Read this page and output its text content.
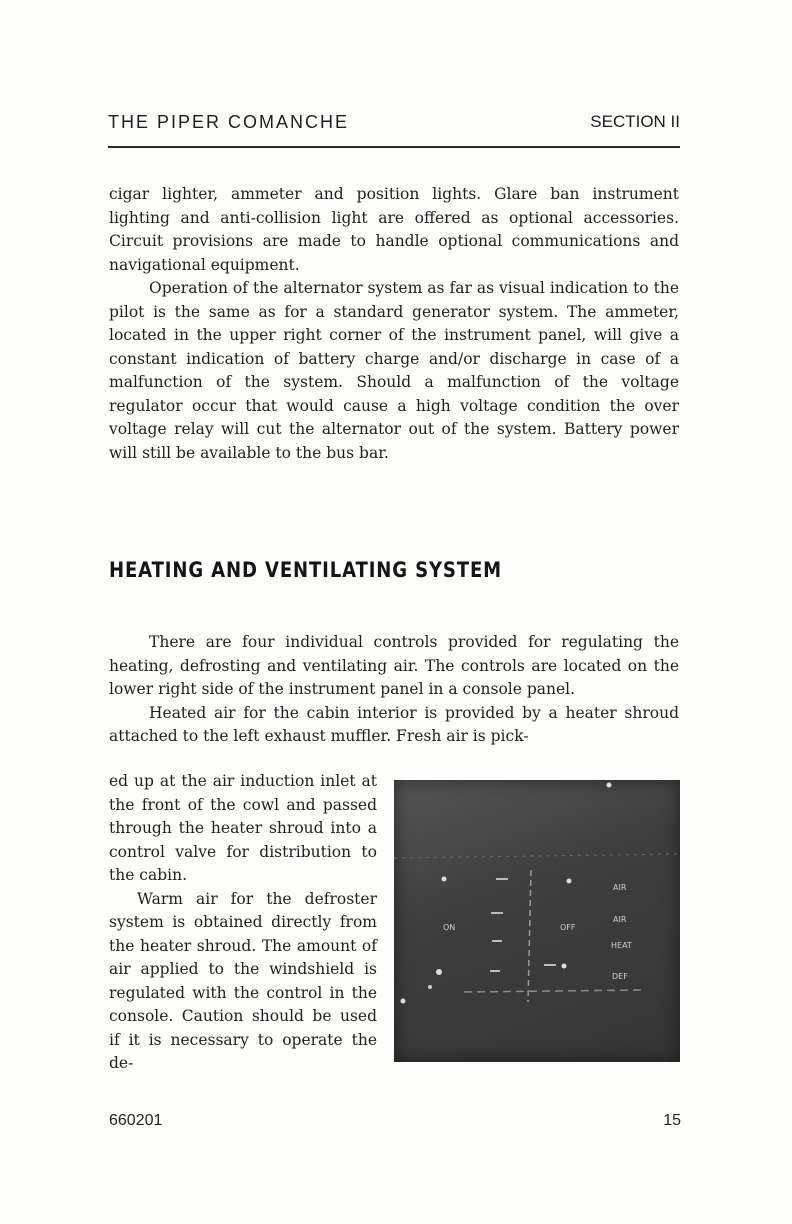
THE PIPER COMANCHE	SECTION II

cigar lighter, ammeter and position lights. Glare ban instrument lighting and anti-collision light are offered as optional accessories. Circuit provisions are made to handle optional communications and navigational equipment.

Operation of the alternator system as far as visual indication to the pilot is the same as for a standard generator system. The ammeter, located in the upper right corner of the instrument panel, will give a constant indication of battery charge and/or discharge in case of a malfunction of the system. Should a malfunction of the voltage regulator occur that would cause a high voltage condition the over voltage relay will cut the alternator out of the system. Battery power will still be available to the bus bar.

HEATING AND VENTILATING SYSTEM

There are four individual controls provided for regulating the heating, defrosting and ventilating air. The controls are located on the lower right side of the instrument panel in a console panel.

Heated air for the cabin interior is provided by a heater shroud attached to the left exhaust muffler. Fresh air is pick-

ed up at the air induction inlet at the front of the cowl and passed through the heater shroud into a control valve for distribution to the cabin.

Warm air for the defroster system is obtained directly from the heater shroud. The amount of air applied to the windshield is regulated with the control in the console. Caution should be used if it is necessary to operate the de-

ON	OFF
AIR
AIR
HEAT
DEF
660201	15
